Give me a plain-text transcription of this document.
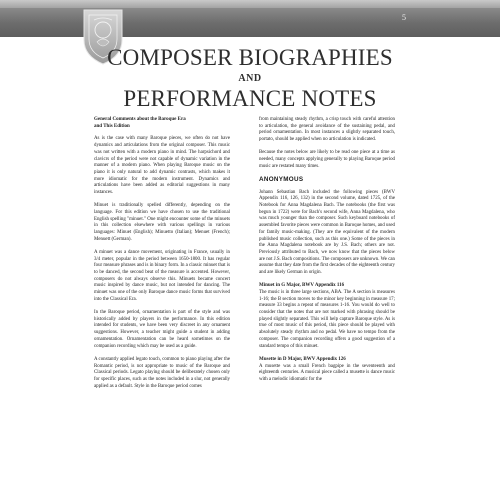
5
COMPOSER BIOGRAPHIES
AND
PERFORMANCE NOTES
General Comments about the Baroque Era
and This Edition

As is the case with many Baroque pieces, we often do not have dynamics and articulations from the original composer. This music was not written with a modern piano in mind. The harpsichord and clavicrs of the period were not capable of dynamic variation in the manner of a modern piano. When playing Baroque music on the piano it is only natural to add dynamic contrasts, which makes it more idiomatic for the modern instrument. Dynamics and articulations have been added as editorial suggestions in many instances.

Minuet is traditionally spelled differently, depending on the language. For this edition we have chosen to use the traditional English spelling "minuet." One might encounter some of the minuets in this collection elsewhere with various spellings in various languages: Minuet (English); Minuetto (Italian); Menuet (French); Menuett (German).

A minuet was a dance movement, originating in France, usually in 3/4 meter, popular in the period between 1650-1800. It has regular four measure phrases and is in binary form. In a classic minuet that is to be danced, the second beat of the measure is accented. However, composers do not always observe this. Minuets became concert music inspired by dance music, but not intended for dancing. The minuet was one of the only Baroque dance music forms that survived into the Classical Era.

In the Baroque period, ornamentation is part of the style and was historically added by players in the performance. In this edition intended for students, we have been very discreet in any ornament suggestions. However, a teacher might guide a student in adding ornamentation. Ornamentation can be heard sometimes on the companion recording which may be used as a guide.

A constantly applied legato touch, common to piano playing after the Romantic period, is not appropriate to music of the Baroque and Classical periods. Legato playing should be deliberately chosen only for specific places, such as the notes included in a slur, not generally applied as a default. Style in the Baroque period comes

from maintaining steady rhythm, a crisp touch with careful attention to articulation, the general avoidance of the sustaining pedal, and period ornamentation. In most instances a slightly separated touch, portato, should be applied when no articulation is indicated.

Because the notes below are likely to be read one piece at a time as needed, many concepts applying generally to playing Baroque period music are restated many times.

ANONYMOUS

Johann Sebastian Bach included the following pieces (BWV Appendix 116, 126, 132) in the second volume, dated 1725, of the Notebook for Anna Magdalena Bach. The notebooks (the first was begun in 1722) were for Bach's second wife, Anna Magdalena, who was much younger than the composer. Such keyboard notebooks of assembled favorite pieces were common in Baroque homes, and used for family music-making. (They are the equivalent of the modern published music collection, such as this one.) Some of the pieces in the Anna Magdalena notebook are by J.S. Bach; others are not. Previously attributed to Bach, we now know that the pieces below are not J.S. Bach compositions. The composers are unknown. We can assume that they date from the first decades of the eighteenth century and are likely German in origin.

Minuet in G Major, BWV Appendix 116

The music is in three large sections, ABA. The A section is measures 1-16; the B section moves to the minor key beginning in measure 17; measure 33 begins a repeat of measures 1-16. You would do well to consider that the notes that are not marked with phrasing should be played slightly separated. This will help capture Baroque style. As is true of most music of this period, this piece should be played with absolutely steady rhythm and no pedal. We have no tempo from the composer. The companion recording offers a good suggestion of a standard tempo of this minuet.

Musette in D Major, BWV Appendix 126

A musette was a small French bagpipe in the seventeenth and eighteenth centuries. A musical piece called a musette is dance music with a melodic idiomatic for the
